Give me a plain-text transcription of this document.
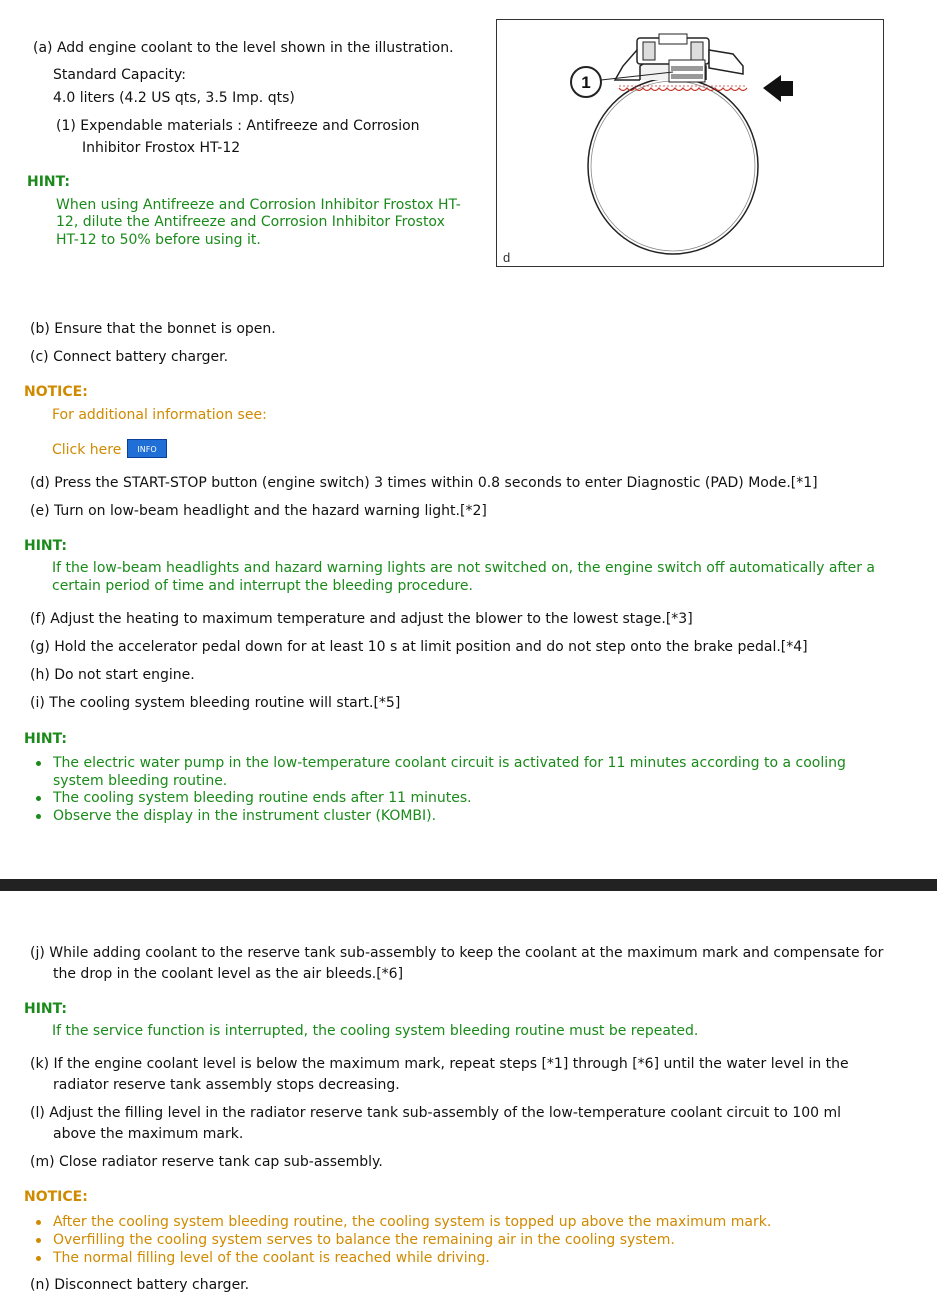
(a) Add engine coolant to the level shown in the illustration.
Standard Capacity:
4.0 liters (4.2 US qts, 3.5 Imp. qts)
(1) Expendable materials : Antifreeze and Corrosion
Inhibitor Frostox HT-12
HINT:
When using Antifreeze and Corrosion Inhibitor Frostox HT-
12, dilute the Antifreeze and Corrosion Inhibitor Frostox
HT-12 to 50% before using it.
1
d
(b) Ensure that the bonnet is open.
(c) Connect battery charger.
NOTICE:
For additional information see:
Click here	INFO
(d) Press the START-STOP button (engine switch) 3 times within 0.8 seconds to enter Diagnostic (PAD) Mode.[*1]
(e) Turn on low-beam headlight and the hazard warning light.[*2]
HINT:
If the low-beam headlights and hazard warning lights are not switched on, the engine switch off automatically after a
certain period of time and interrupt the bleeding procedure.
(f) Adjust the heating to maximum temperature and adjust the blower to the lowest stage.[*3]
(g) Hold the accelerator pedal down for at least 10 s at limit position and do not step onto the brake pedal.[*4]
(h) Do not start engine.
(i) The cooling system bleeding routine will start.[*5]
HINT:
The electric water pump in the low-temperature coolant circuit is activated for 11 minutes according to a cooling
system bleeding routine.
The cooling system bleeding routine ends after 11 minutes.
Observe the display in the instrument cluster (KOMBI).
(j) While adding coolant to the reserve tank sub-assembly to keep the coolant at the maximum mark and compensate for
the drop in the coolant level as the air bleeds.[*6]
HINT:
If the service function is interrupted, the cooling system bleeding routine must be repeated.
(k) If the engine coolant level is below the maximum mark, repeat steps [*1] through [*6] until the water level in the
radiator reserve tank assembly stops decreasing.
(l) Adjust the filling level in the radiator reserve tank sub-assembly of the low-temperature coolant circuit to 100 ml
above the maximum mark.
(m) Close radiator reserve tank cap sub-assembly.
NOTICE:
After the cooling system bleeding routine, the cooling system is topped up above the maximum mark.
Overfilling the cooling system serves to balance the remaining air in the cooling system.
The normal filling level of the coolant is reached while driving.
(n) Disconnect battery charger.
